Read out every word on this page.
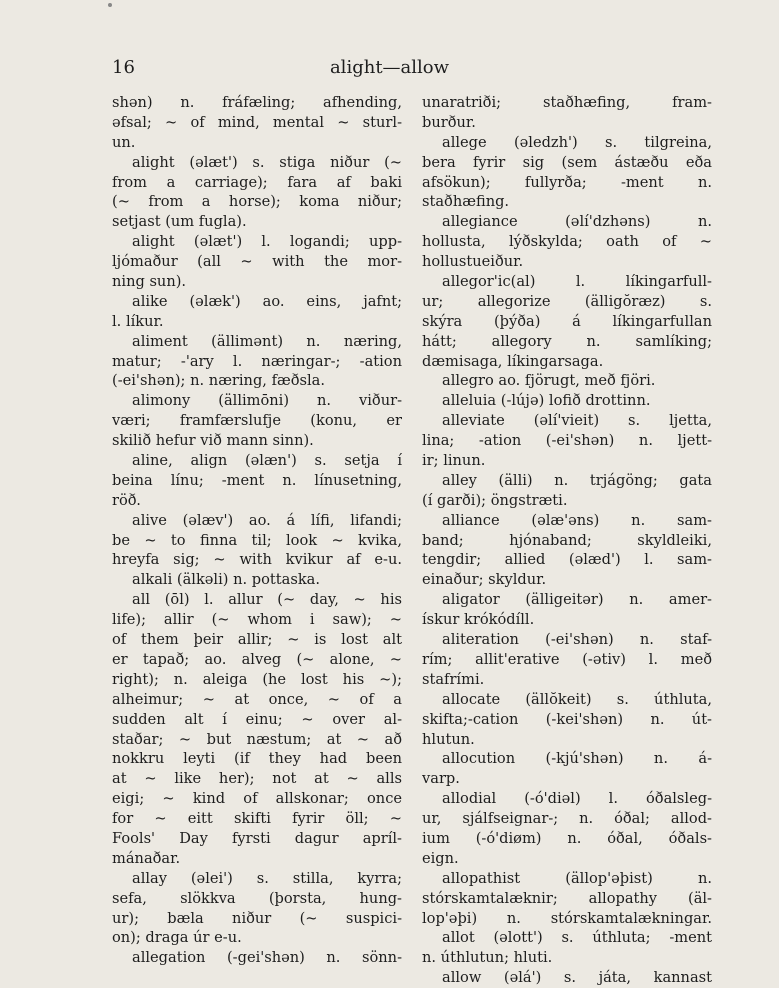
16	alight—allow
shən) n. fráfæling; afhending,
əfsal; ~ of mind, mental ~ sturl-
un.
alight (əlæt') s. stiga niður (~
from a carriage); fara af baki
(~ from a horse); koma niður;
setjast (um fugla).
alight (əlæt') l. logandi; upp-
ljómaður (all ~ with the mor-
ning sun).
alike (əlæk') ao. eins, jafnt;
l. líkur.
aliment (ällimənt) n. næring,
matur; -'ary l. næringar-; -ation
(-ei'shən); n. næring, fæðsla.
alimony (ällimōni) n. viður-
væri; framfærslufje (konu, er
skilið hefur við mann sinn).
aline, align (əlæn') s. setja í
beina línu; -ment n. línusetning,
röð.
alive (əlæv') ao. á lífi, lifandi;
be ~ to finna til; look ~ kvika,
hreyfa sig; ~ with kvikur af e-u.
alkali (älkəli) n. pottaska.
all (ōl) l. allur (~ day, ~ his
life); allir (~ whom i saw); ~
of them þeir allir; ~ is lost alt
er tapað; ao. alveg (~ alone, ~
right); n. aleiga (he lost his ~);
alheimur; ~ at once, ~ of a
sudden alt í einu; ~ over al-
staðar; ~ but næstum; at ~ að
nokkru leyti (if they had been
at ~ like her); not at ~ alls
eigi; ~ kind of allskonar; once
for ~ eitt skifti fyrir öll; ~
Fools' Day fyrsti dagur apríl-
mánaðar.
allay (əlei') s. stilla, kyrra;
sefa, slökkva (þorsta, hung-
ur); bæla niður (~ suspici-
on); draga úr e-u.
allegation (-gei'shən) n. sönn-
unaratriði; staðhæfing, fram-
burður.
allege (əledzh') s. tilgreina,
bera fyrir sig (sem ástæðu eða
afsökun); fullyrða; -ment n.
staðhæfing.
allegiance (əlí'dzhəns) n.
hollusta, lýðskylda; oath of ~
hollustueiður.
allegor'ic(al) l. líkingarfull-
ur; allegorize (älligŏræz) s.
skýra (þýða) á líkingarfullan
hátt; allegory n. samlíking;
dæmisaga, líkingarsaga.
allegro ao. fjörugt, með fjöri.
alleluia (-lúјə) lofið drottinn.
alleviate (əlí'vieit) s. ljetta,
lina; -ation (-ei'shən) n. ljett-
ir; linun.
alley (älli) n. trjágöng; gata
(í garði); öngstræti.
alliance (əlæ'əns) n. sam-
band; hjónaband; skyldleiki,
tengdir; allied (əlæd') l. sam-
einaður; skyldur.
aligator (älligeitər) n. amer-
ískur krókódíll.
aliteration (-ei'shən) n. staf-
rím; allit'erative (-ətiv) l. með
stafrími.
allocate (ällŏkeit) s. úthluta,
skifta;-cation (-kei'shən) n. út-
hlutun.
allocution (-kjú'shən) n. á-
varp.
allodial (-ó'diəl) l. óðalsleg-
ur, sjálfseignar-; n. óðal; allod-
ium (-ó'diøm) n. óðal, óðals-
eign.
allopathist (ällop'əþist) n.
stórskamtalæknir; allopathy (äl-
lop'əþi) n. stórskamtalækningar.
allot (əlott') s. úthluta; -ment
n. úthlutun; hluti.
allow (əlá') s. játa, kannast
